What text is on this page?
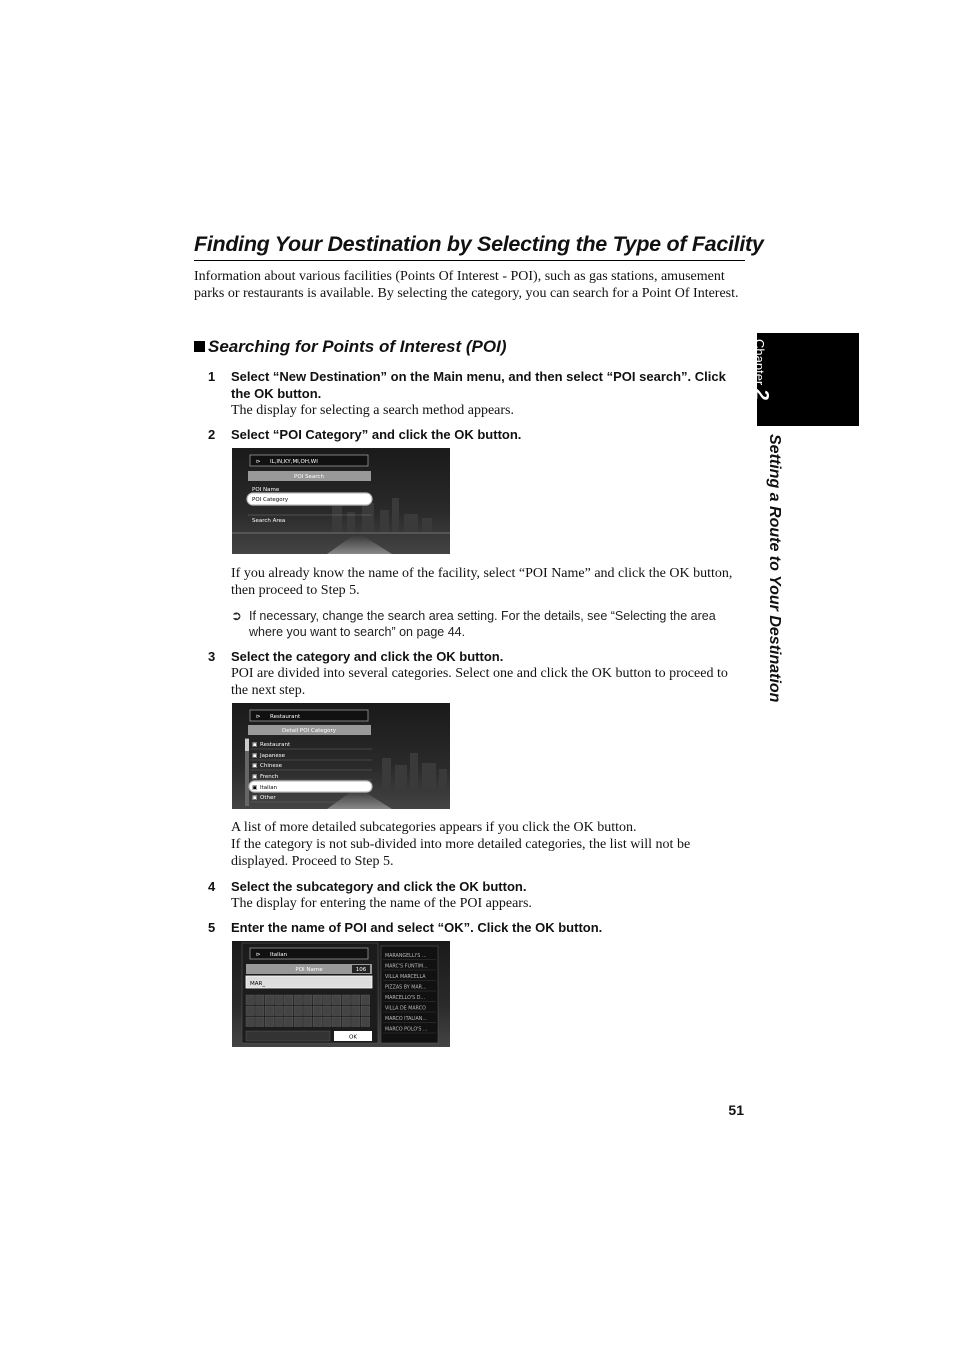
Finding Your Destination by Selecting the Type of Facility
Information about various facilities (Points Of Interest - POI), such as gas stations, amusement parks or restaurants is available. By selecting the category, you can search for a Point Of Interest.
Searching for Points of Interest (POI)
1 Select “New Destination” on the Main menu, and then select “POI search”. Click the OK button.
The display for selecting a search method appears.
2 Select “POI Category” and click the OK button.
⊳ IL,IN,KY,MI,OH,WI
POI Search
POI Name
POI Category
Search Area
If you already know the name of the facility, select “POI Name” and click the OK button, then proceed to Step 5.
➲ If necessary, change the search area setting. For the details, see “Selecting the area where you want to search” on page 44.
3 Select the category and click the OK button.
POI are divided into several categories. Select one and click the OK button to proceed to the next step.
⊳ Restaurant
Detail POI Category
▣ Restaurant
▣ Japanese
▣ Chinese
▣ French
▣ Italian
▣ Other
A list of more detailed subcategories appears if you click the OK button.
If the category is not sub-divided into more detailed categories, the list will not be displayed. Proceed to Step 5.
4 Select the subcategory and click the OK button.
The display for entering the name of the POI appears.
5 Enter the name of POI and select “OK”. Click the OK button.
⊳ Italian
POI Name	106
MAR_
OK
MARANGELLI'S ...
MARC'S FUNTIM...
VILLA MARCELLA
PIZZAS BY MAR...
MARCELLO'S D...
VILLA DE MARCO
MARCO ITALIAN...
MARCO POLO'S ...
Chapter 2
Setting a Route to Your Destination
51
